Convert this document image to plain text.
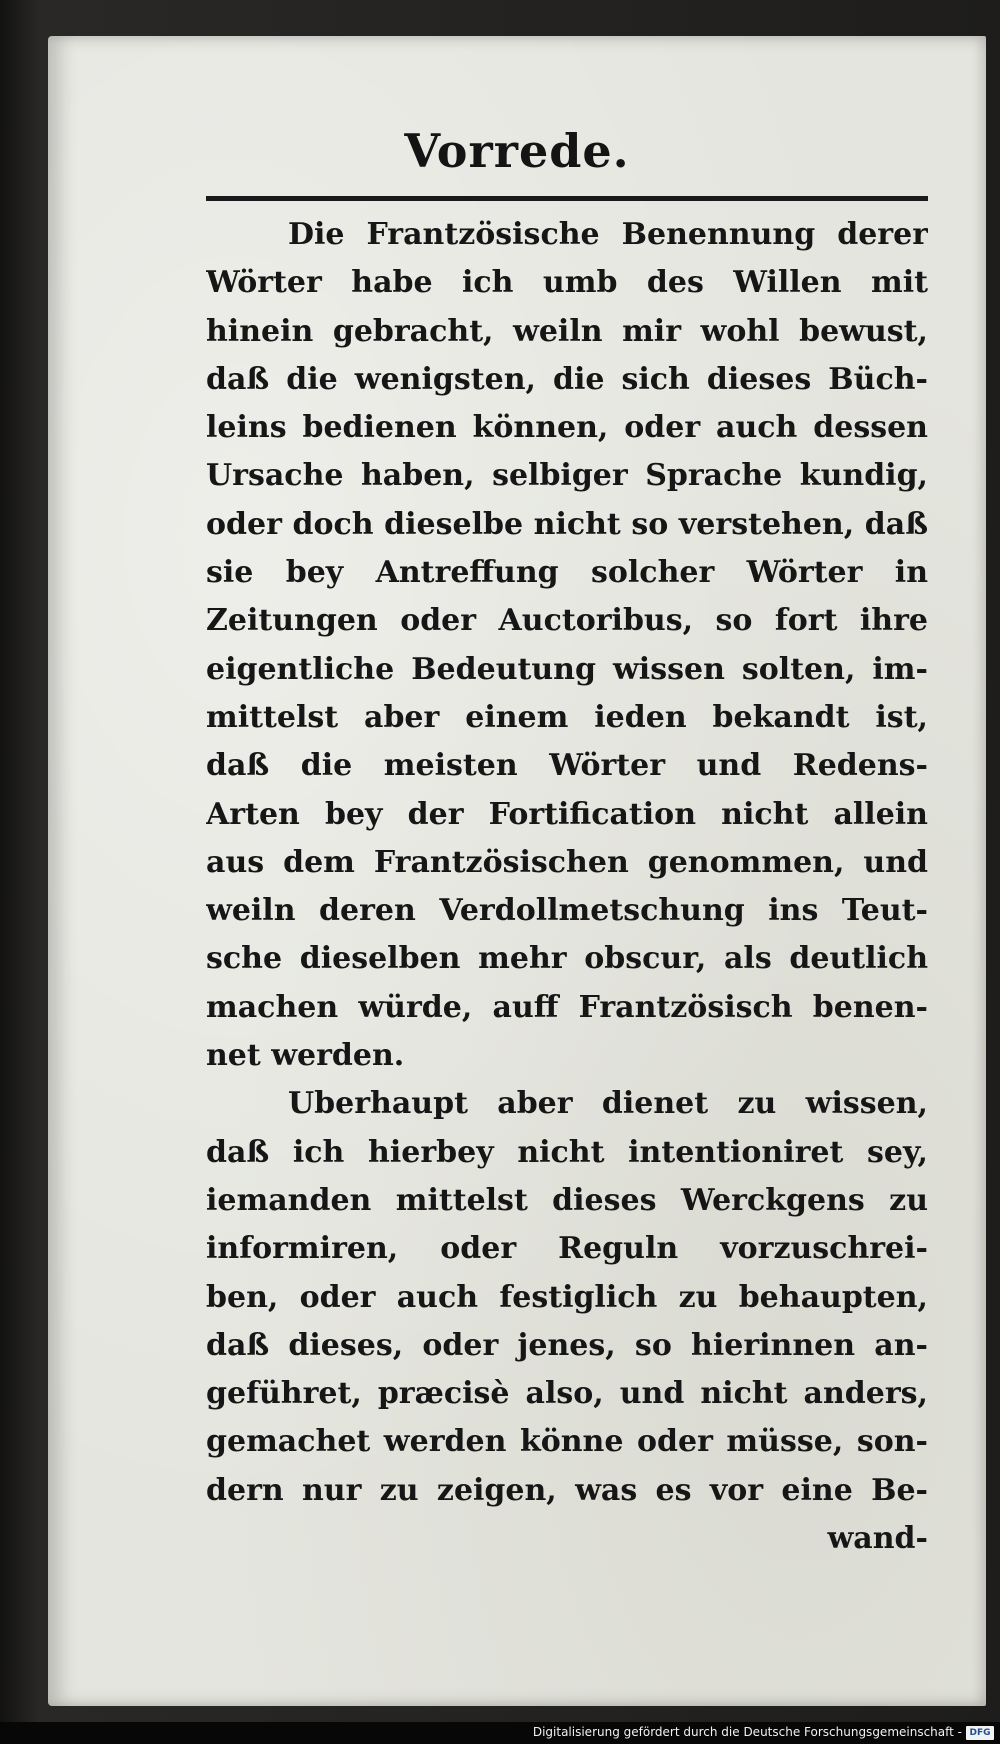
Vorrede.
Die Frantzösische Benennung derer
Wörter habe ich umb des Willen mit
hinein gebracht, weiln mir wohl bewust,
daß die wenigsten, die sich dieses Büch-
leins bedienen können, oder auch dessen
Ursache haben, selbiger Sprache kundig,
oder doch dieselbe nicht so verstehen, daß
sie bey Antreffung solcher Wörter in
Zeitungen oder Auctoribus, so fort ihre
eigentliche Bedeutung wissen solten, im-
mittelst aber einem ieden bekandt ist,
daß die meisten Wörter und Redens-
Arten bey der Fortification nicht allein
aus dem Frantzösischen genommen, und
weiln deren Verdollmetschung ins Teut-
sche dieselben mehr obscur, als deutlich
machen würde, auff Frantzösisch benen-
net werden.
Uberhaupt aber dienet zu wissen,
daß ich hierbey nicht intentioniret sey,
iemanden mittelst dieses Werckgens zu
informiren, oder Reguln vorzuschrei-
ben, oder auch festiglich zu behaupten,
daß dieses, oder jenes, so hierinnen an-
geführet, præcisè also, und nicht anders,
gemachet werden könne oder müsse, son-
dern nur zu zeigen, was es vor eine Be-
wand-
Digitalisierung gefördert durch die Deutsche Forschungsgemeinschaft - DFG
